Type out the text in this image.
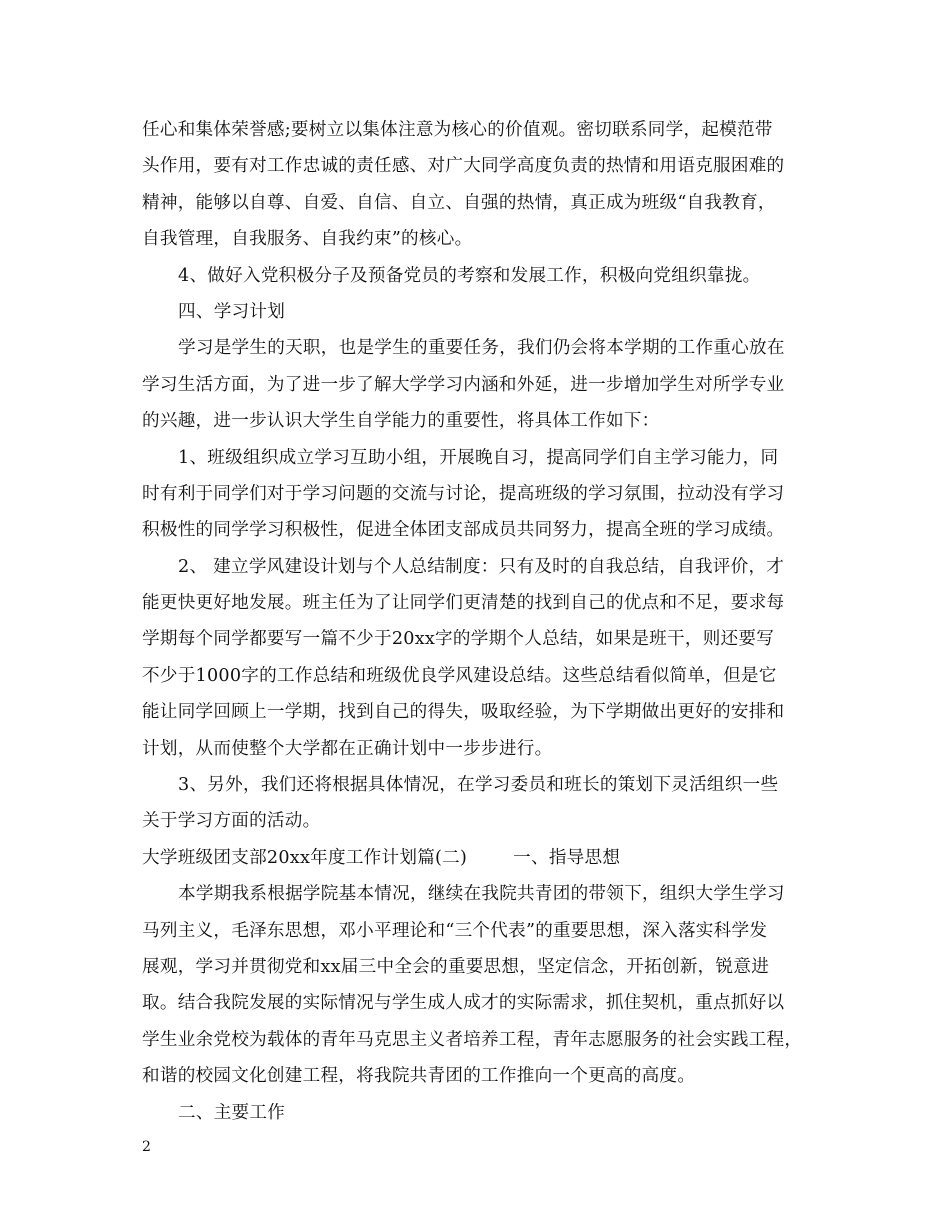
任心和集体荣誉感;要树立以集体注意为核心的价值观。密切联系同学，起模范带
头作用，要有对工作忠诚的责任感、对广大同学高度负责的热情和用语克服困难的
精神，能够以自尊、自爱、自信、自立、自强的热情，真正成为班级“自我教育，
自我管理，自我服务、自我约束”的核心。
4、做好入党积极分子及预备党员的考察和发展工作，积极向党组织靠拢。
四、学习计划
学习是学生的天职，也是学生的重要任务，我们仍会将本学期的工作重心放在
学习生活方面，为了进一步了解大学学习内涵和外延，进一步增加学生对所学专业
的兴趣，进一步认识大学生自学能力的重要性，将具体工作如下：
1、班级组织成立学习互助小组，开展晚自习，提高同学们自主学习能力，同
时有利于同学们对于学习问题的交流与讨论，提高班级的学习氛围，拉动没有学习
积极性的同学学习积极性，促进全体团支部成员共同努力，提高全班的学习成绩。
2、 建立学风建设计划与个人总结制度：只有及时的自我总结，自我评价，才
能更快更好地发展。班主任为了让同学们更清楚的找到自己的优点和不足，要求每
学期每个同学都要写一篇不少于20xx字的学期个人总结，如果是班干，则还要写
不少于1000字的工作总结和班级优良学风建设总结。这些总结看似简单，但是它
能让同学回顾上一学期，找到自己的得失，吸取经验，为下学期做出更好的安排和
计划，从而使整个大学都在正确计划中一步步进行。
3、另外，我们还将根据具体情况，在学习委员和班长的策划下灵活组织一些
关于学习方面的活动。
大学班级团支部20xx年度工作计划篇(二)	一、指导思想
本学期我系根据学院基本情况，继续在我院共青团的带领下，组织大学生学习
马列主义，毛泽东思想，邓小平理论和“三个代表”的重要思想，深入落实科学发
展观，学习并贯彻党和xx届三中全会的重要思想，坚定信念，开拓创新，锐意进
取。结合我院发展的实际情况与学生成人成才的实际需求，抓住契机，重点抓好以
学生业余党校为载体的青年马克思主义者培养工程，青年志愿服务的社会实践工程，
和谐的校园文化创建工程，将我院共青团的工作推向一个更高的高度。
二、主要工作
2
